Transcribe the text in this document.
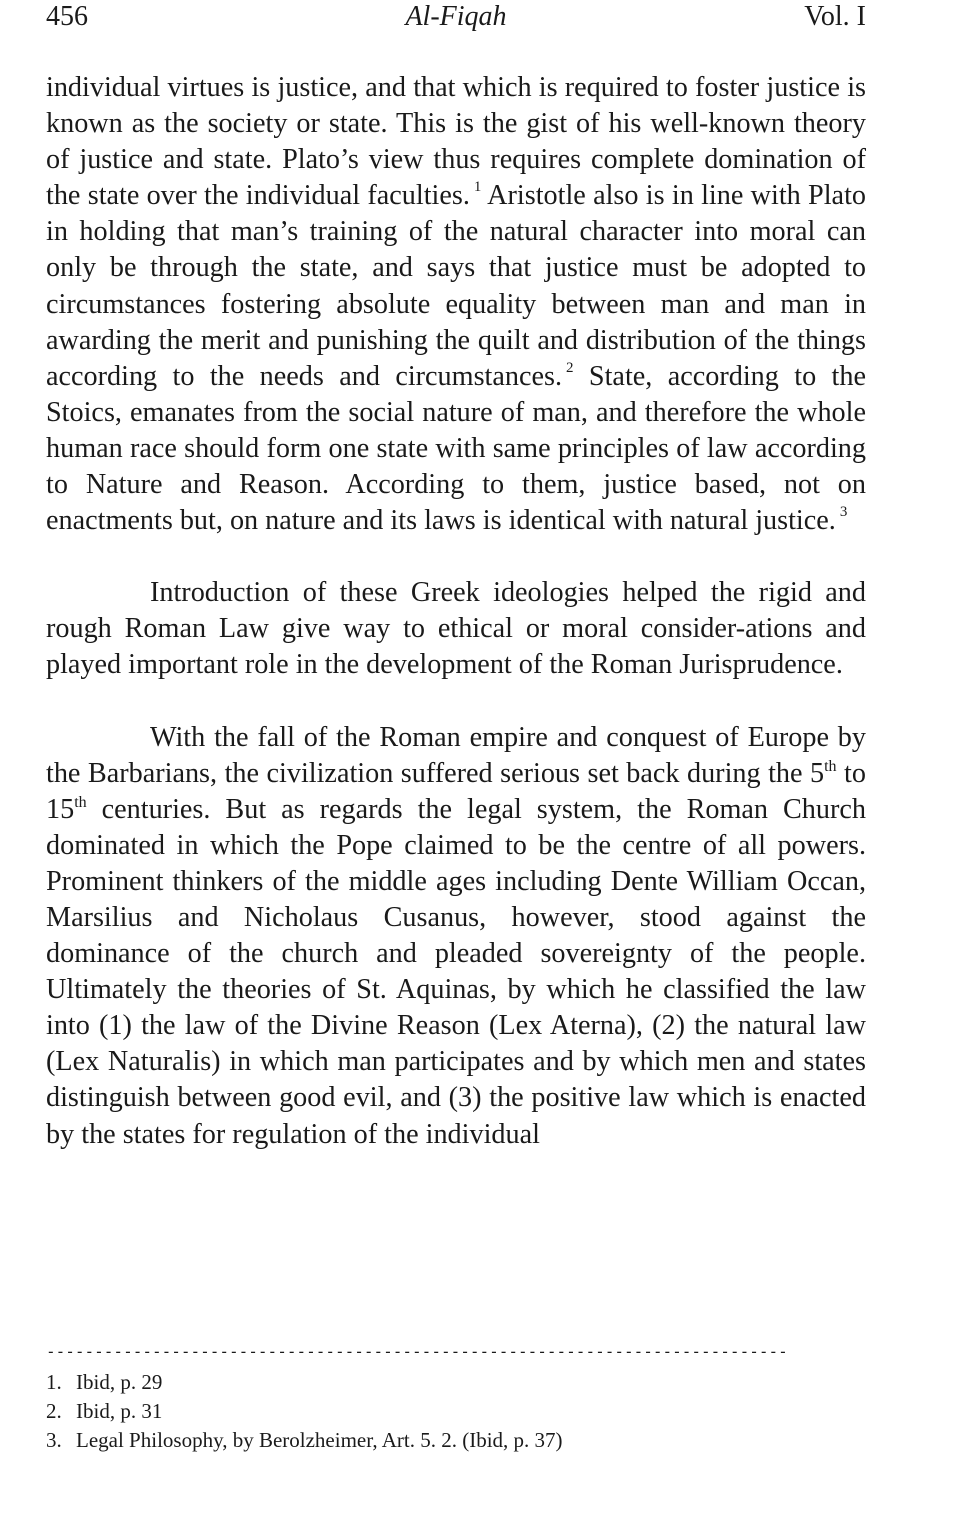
456	Al-Fiqah	Vol. I

individual virtues is justice, and that which is required to foster justice is known as the society or state. This is the gist of his well-known theory of justice and state. Plato’s view thus requires complete domination of the state over the individual faculties. $^1$ Aristotle also is in line with Plato in holding that man’s training of the natural character into moral can only be through the state, and says that justice must be adopted to circumstances fostering absolute equality between man and man in awarding the merit and punishing the quilt and distribution of the things according to the needs and circumstances. $^2$ State, according to the Stoics, emanates from the social nature of man, and therefore the whole human race should form one state with same principles of law according to Nature and Reason. According to them, justice based, not on enactments but, on nature and its laws is identical with natural justice. $^3$

Introduction of these Greek ideologies helped the rigid and rough Roman Law give way to ethical or moral consider-ations and played important role in the development of the Roman Jurisprudence.

With the fall of the Roman empire and conquest of Europe by the Barbarians, the civilization suffered serious set back during the 5th to 15th centuries. But as regards the legal system, the Roman Church dominated in which the Pope claimed to be the centre of all powers. Prominent thinkers of the middle ages including Dente William Occan, Marsilius and Nicholaus Cusanus, however, stood against the dominance of the church and pleaded sovereignty of the people. Ultimately the theories of St. Aquinas, by which he classified the law into (1) the law of the Divine Reason (Lex Aterna), (2) the natural law (Lex Naturalis) in which man participates and by which men and states distinguish between good evil, and (3) the positive law which is enacted by the states for regulation of the individual

-----------------------------------------------------------------------------

1. Ibid, p. 29

2. Ibid, p. 31

3. Legal Philosophy, by Berolzheimer, Art. 5. 2. (Ibid, p. 37)
